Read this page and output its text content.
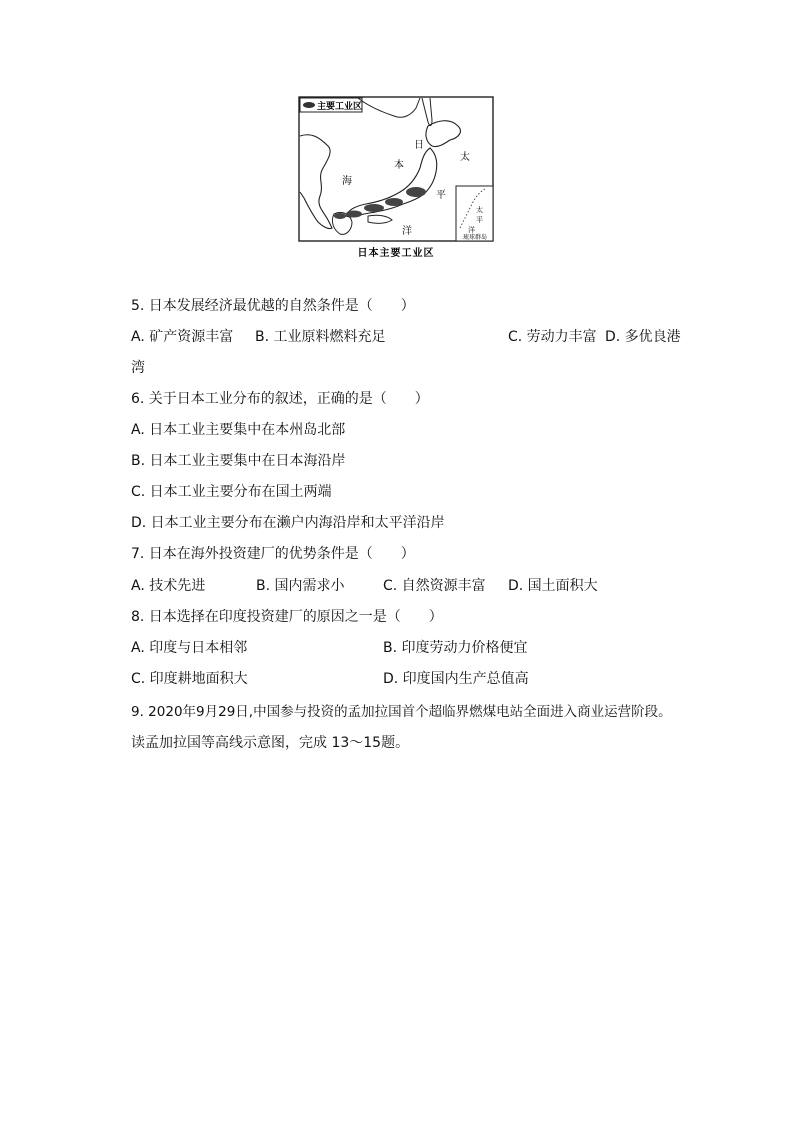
主要工业区
日
本
海
太
平
洋
太
平
洋
琉球群岛
日本主要工业区
5. 日本发展经济最优越的自然条件是（　　）
A. 矿产资源丰富 B. 工业原料燃料充足	C. 劳动力丰富 D. 多优良港
湾
6. 关于日本工业分布的叙述，正确的是（　　）
A. 日本工业主要集中在本州岛北部
B. 日本工业主要集中在日本海沿岸
C. 日本工业主要分布在国土两端
D. 日本工业主要分布在濑户内海沿岸和太平洋沿岸
7. 日本在海外投资建厂的优势条件是（　　）
A. 技术先进	B. 国内需求小	C. 自然资源丰富 D. 国土面积大
8. 日本选择在印度投资建厂的原因之一是（　　）
A. 印度与日本相邻	B. 印度劳动力价格便宜
C. 印度耕地面积大	D. 印度国内生产总值高
9. 2020年9月29日,中国参与投资的孟加拉国首个超临界燃煤电站全面进入商业运营阶段。
读孟加拉国等高线示意图，完成 13～15题。
